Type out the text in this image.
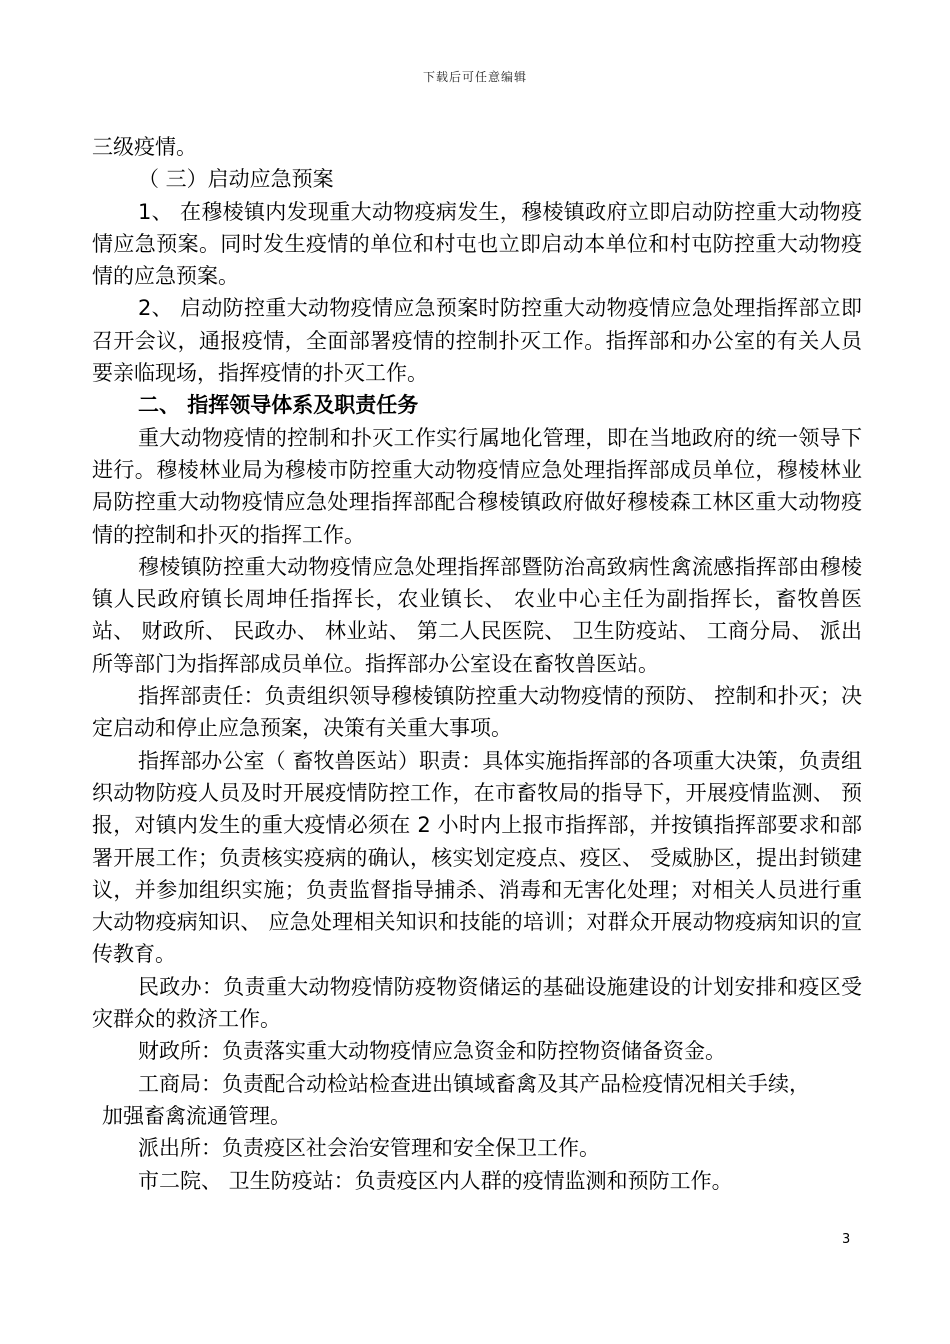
下载后可任意编辑

三级疫情。

（ 三）启动应急预案

1、 在穆棱镇内发现重大动物疫病发生，穆棱镇政府立即启动防控重大动物疫情应急预案。同时发生疫情的单位和村屯也立即启动本单位和村屯防控重大动物疫情的应急预案。

2、 启动防控重大动物疫情应急预案时防控重大动物疫情应急处理指挥部立即召开会议，通报疫情，全面部署疫情的控制扑灭工作。指挥部和办公室的有关人员要亲临现场，指挥疫情的扑灭工作。

二、 指挥领导体系及职责任务

重大动物疫情的控制和扑灭工作实行属地化管理，即在当地政府的统一领导下进行。穆棱林业局为穆棱市防控重大动物疫情应急处理指挥部成员单位，穆棱林业局防控重大动物疫情应急处理指挥部配合穆棱镇政府做好穆棱森工林区重大动物疫情的控制和扑灭的指挥工作。

穆棱镇防控重大动物疫情应急处理指挥部暨防治高致病性禽流感指挥部由穆棱镇人民政府镇长周坤任指挥长，农业镇长、 农业中心主任为副指挥长，畜牧兽医站、 财政所、 民政办、 林业站、 第二人民医院、 卫生防疫站、 工商分局、 派出所等部门为指挥部成员单位。指挥部办公室设在畜牧兽医站。

指挥部责任：负责组织领导穆棱镇防控重大动物疫情的预防、 控制和扑灭；决定启动和停止应急预案，决策有关重大事项。

指挥部办公室（ 畜牧兽医站）职责：具体实施指挥部的各项重大决策，负责组织动物防疫人员及时开展疫情防控工作，在市畜牧局的指导下，开展疫情监测、 预报，对镇内发生的重大疫情必须在 2 小时内上报市指挥部，并按镇指挥部要求和部署开展工作；负责核实疫病的确认，核实划定疫点、疫区、 受威胁区，提出封锁建议，并参加组织实施；负责监督指导捕杀、消毒和无害化处理；对相关人员进行重大动物疫病知识、 应急处理相关知识和技能的培训；对群众开展动物疫病知识的宣传教育。

民政办：负责重大动物疫情防疫物资储运的基础设施建设的计划安排和疫区受灾群众的救济工作。

财政所：负责落实重大动物疫情应急资金和防控物资储备资金。

工商局：负责配合动检站检查进出镇域畜禽及其产品检疫情况相关手续，

加强畜禽流通管理。

派出所：负责疫区社会治安管理和安全保卫工作。

市二院、 卫生防疫站：负责疫区内人群的疫情监测和预防工作。

3
